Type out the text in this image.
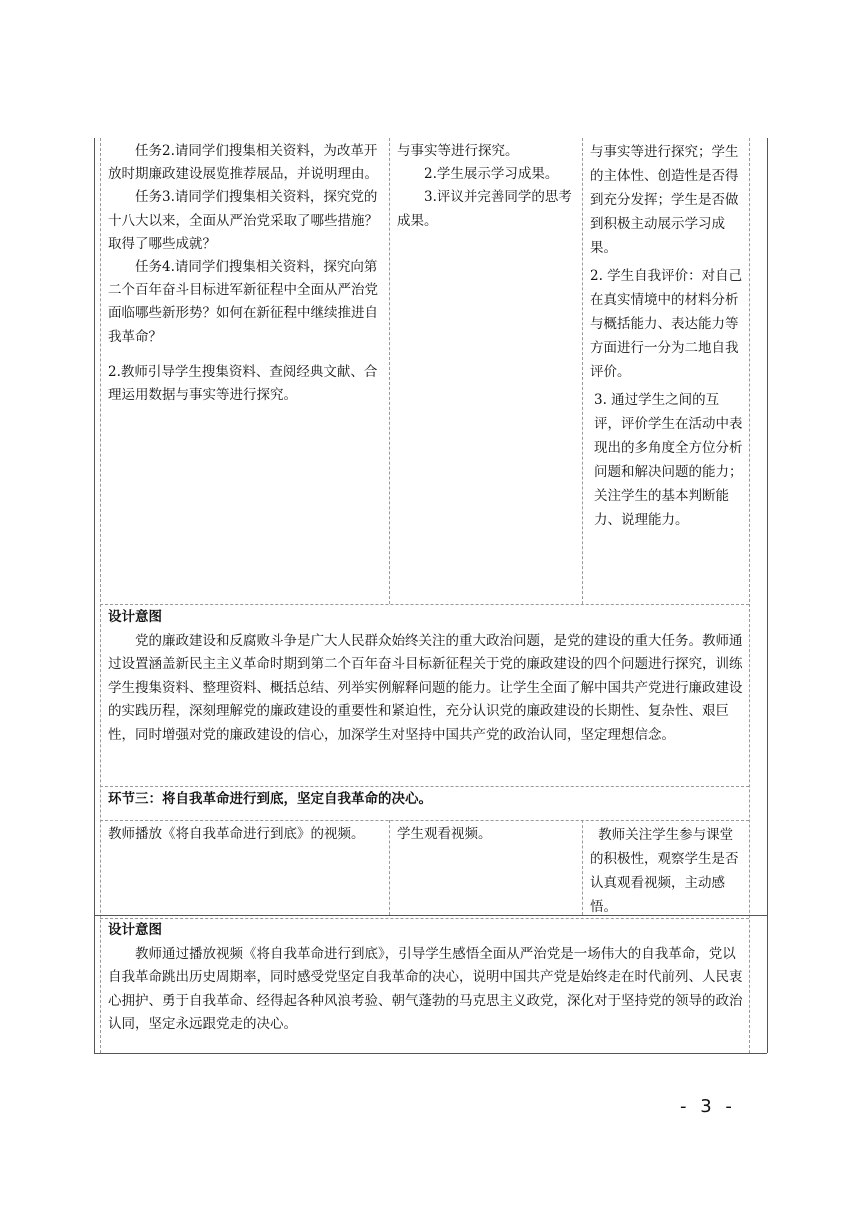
任务2.请同学们搜集相关资料，为改革开放时期廉政建设展览推荐展品，并说明理由。

任务3.请同学们搜集相关资料，探究党的十八大以来，全面从严治党采取了哪些措施？取得了哪些成就？

任务4.请同学们搜集相关资料，探究向第二个百年奋斗目标进军新征程中全面从严治党面临哪些新形势？如何在新征程中继续推进自我革命？

2.教师引导学生搜集资料、查阅经典文献、合理运用数据与事实等进行探究。

与事实等进行探究。

2.学生展示学习成果。

3.评议并完善同学的思考成果。

与事实等进行探究；学生的主体性、创造性是否得到充分发挥；学生是否做到积极主动展示学习成果。

2. 学生自我评价：对自己在真实情境中的材料分析与概括能力、表达能力等方面进行一分为二地自我评价。

3. 通过学生之间的互评，评价学生在活动中表现出的多角度全方位分析问题和解决问题的能力；关注学生的基本判断能力、说理能力。

设计意图

党的廉政建设和反腐败斗争是广大人民群众始终关注的重大政治问题，是党的建设的重大任务。教师通过设置涵盖新民主主义革命时期到第二个百年奋斗目标新征程关于党的廉政建设的四个问题进行探究，训练学生搜集资料、整理资料、概括总结、列举实例解释问题的能力。让学生全面了解中国共产党进行廉政建设的实践历程，深刻理解党的廉政建设的重要性和紧迫性，充分认识党的廉政建设的长期性、复杂性、艰巨性，同时增强对党的廉政建设的信心，加深学生对坚持中国共产党的政治认同，坚定理想信念。

环节三：将自我革命进行到底，坚定自我革命的决心。

教师播放《将自我革命进行到底》的视频。	学生观看视频。	教师关注学生参与课堂的积极性，观察学生是否认真观看视频，主动感悟。

设计意图

教师通过播放视频《将自我革命进行到底》，引导学生感悟全面从严治党是一场伟大的自我革命，党以自我革命跳出历史周期率，同时感受党坚定自我革命的决心，说明中国共产党是始终走在时代前列、人民衷心拥护、勇于自我革命、经得起各种风浪考验、朝气蓬勃的马克思主义政党，深化对于坚持党的领导的政治认同，坚定永远跟党走的决心。

- 3 -
